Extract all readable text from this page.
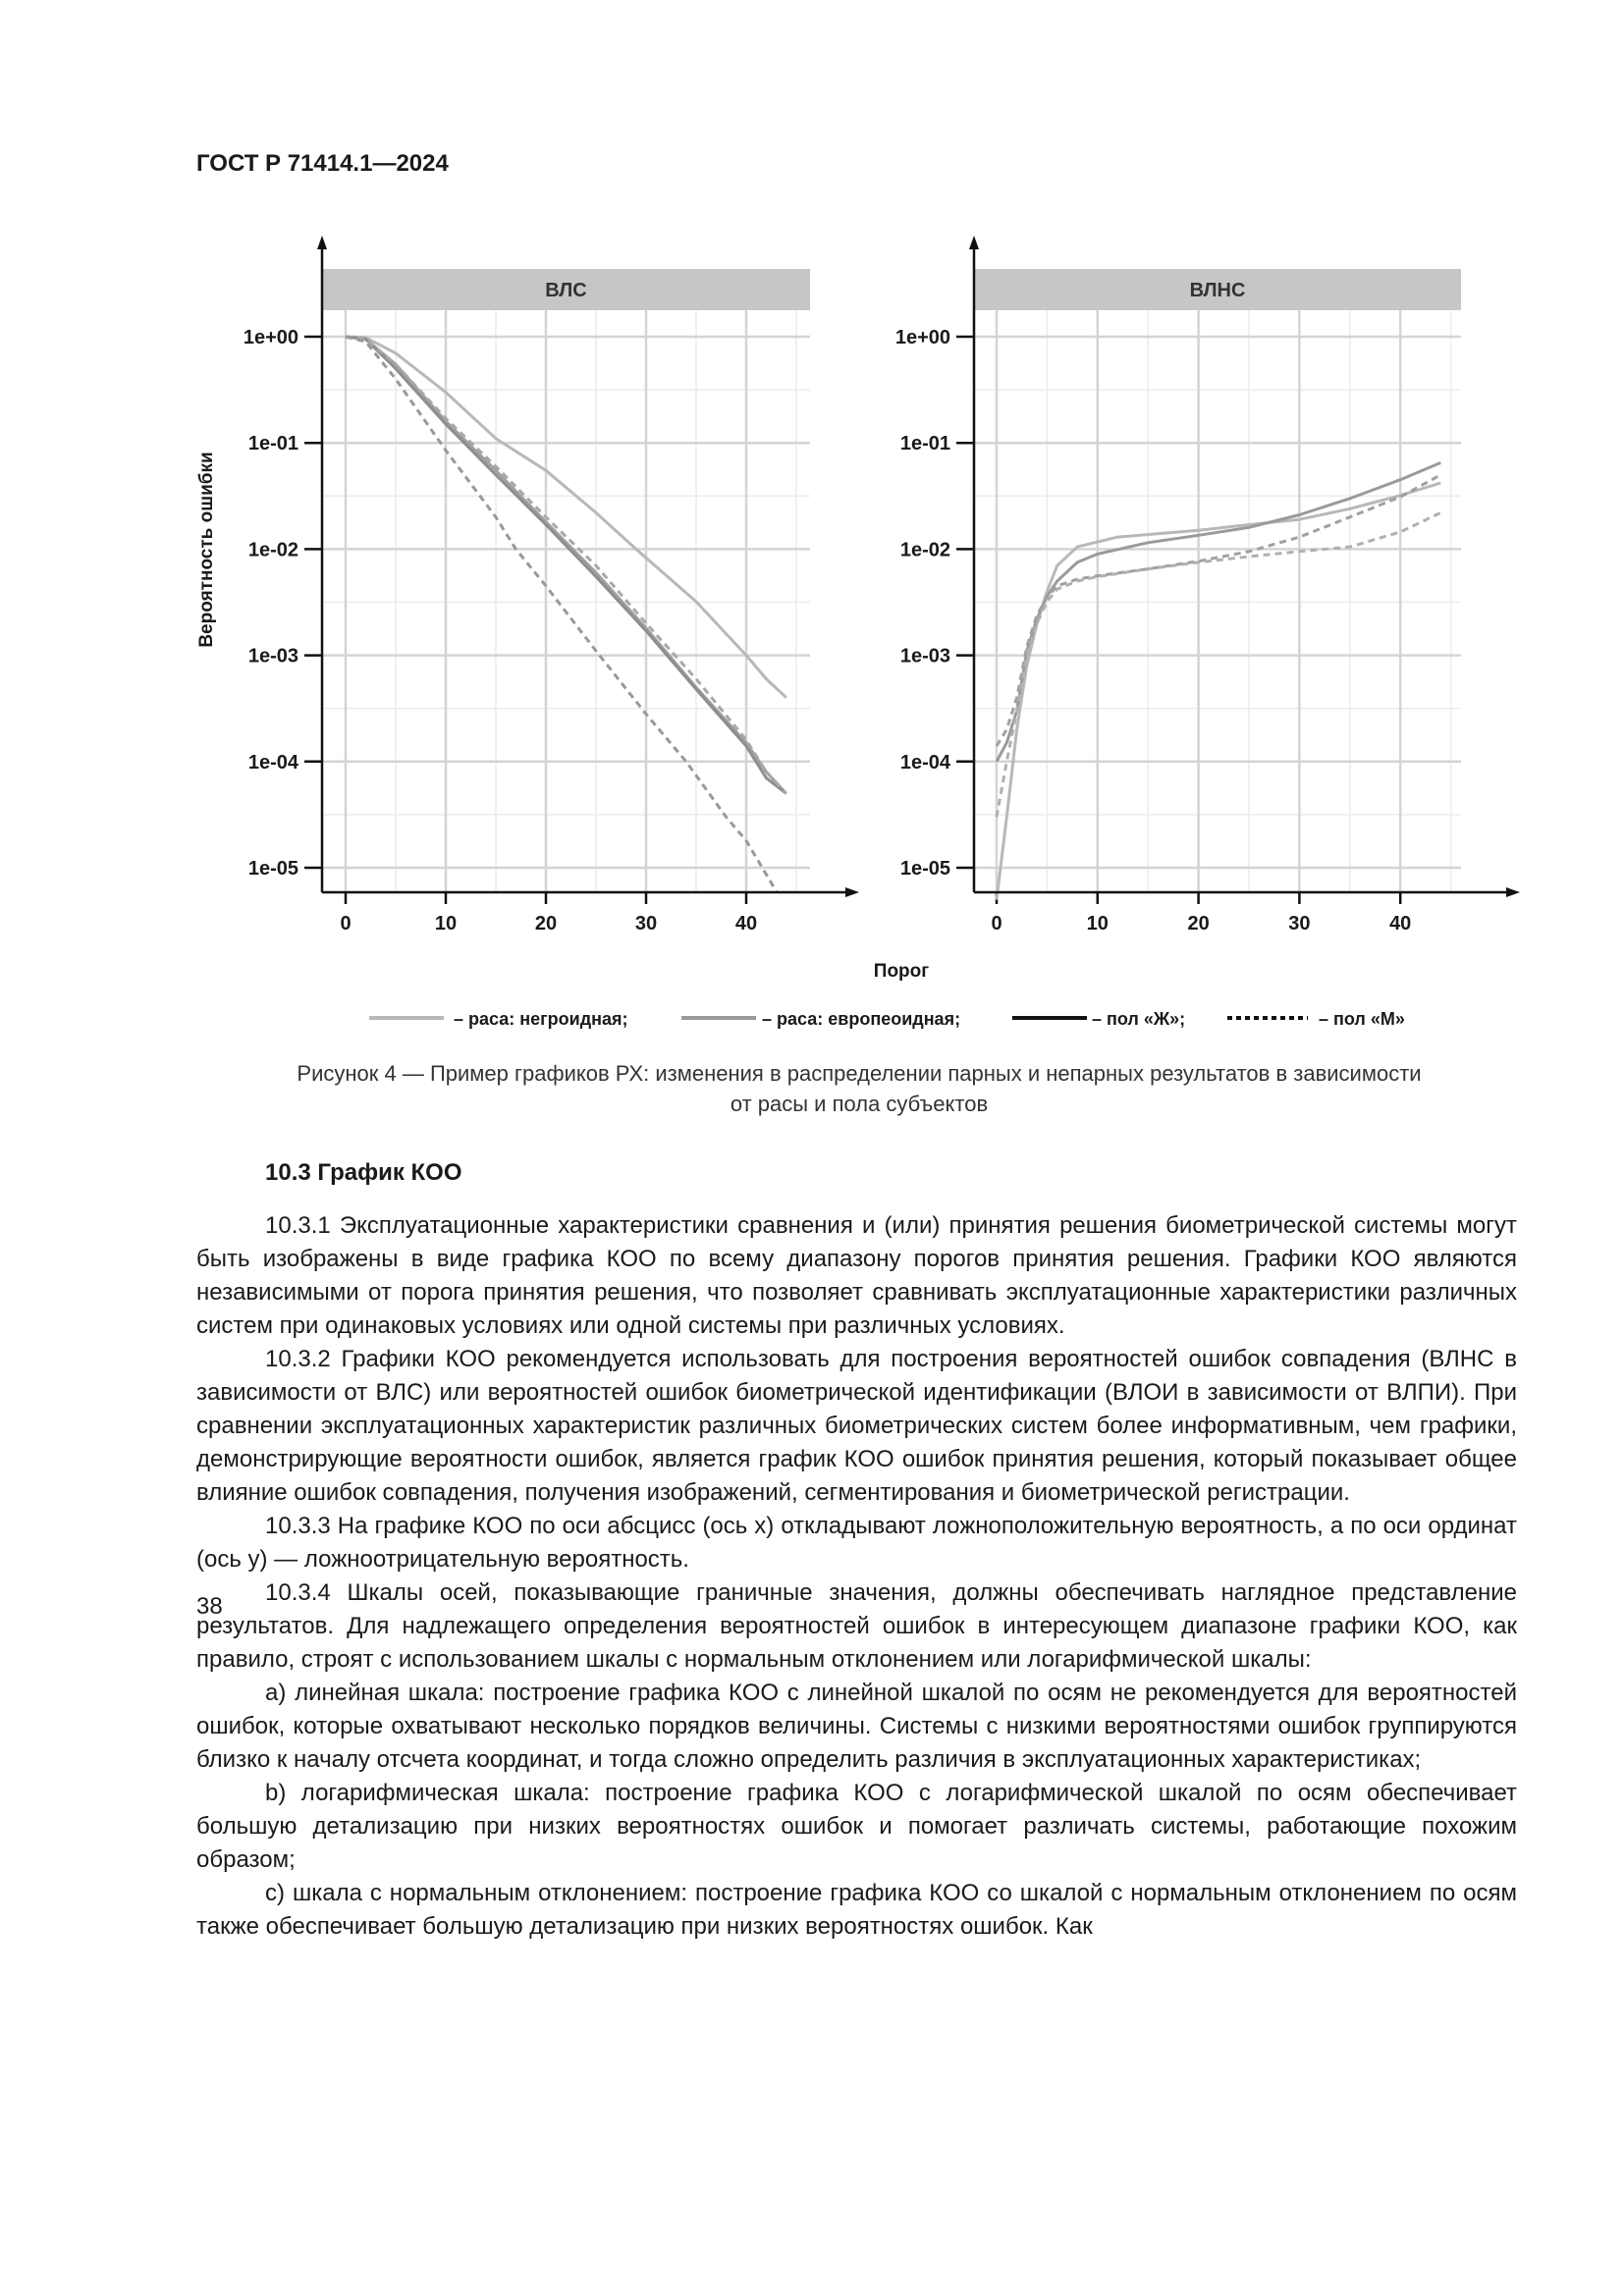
ГОСТ Р 71414.1—2024
ВЛС
1e+00
1e-01
1e-02
1e-03
1e-04
1e-05
0	10	20	30	40
ВЛНС
1e+00
1e-01
1e-02
1e-03
1e-04
1e-05
0	10	20	30	40
Вероятность ошибки
Порог
– раса: негроидная;	– раса: европеоидная;	– пол «Ж»;	– пол «М»
Рисунок 4 — Пример графиков РХ: изменения в распределении парных и непарных результатов в зависимости
от расы и пола субъектов
10.3 График КОО

10.3.1 Эксплуатационные характеристики сравнения и (или) принятия решения биометрической системы могут быть изображены в виде графика КОО по всему диапазону порогов принятия решения. Графики КОО являются независимыми от порога принятия решения, что позволяет сравнивать эксплуатационные характеристики различных систем при одинаковых условиях или одной системы при различных условиях.

10.3.2 Графики КОО рекомендуется использовать для построения вероятностей ошибок совпадения (ВЛНС в зависимости от ВЛС) или вероятностей ошибок биометрической идентификации (ВЛОИ в зависимости от ВЛПИ). При сравнении эксплуатационных характеристик различных биометрических систем более информативным, чем графики, демонстрирующие вероятности ошибок, является график КОО ошибок принятия решения, который показывает общее влияние ошибок совпадения, получения изображений, сегментирования и биометрической регистрации.

10.3.3 На графике КОО по оси абсцисс (ось x) откладывают ложноположительную вероятность, а по оси ординат (ось y) — ложноотрицательную вероятность.

10.3.4 Шкалы осей, показывающие граничные значения, должны обеспечивать наглядное представление результатов. Для надлежащего определения вероятностей ошибок в интересующем диапазоне графики КОО, как правило, строят с использованием шкалы с нормальным отклонением или логарифмической шкалы:

a) линейная шкала: построение графика КОО с линейной шкалой по осям не рекомендуется для вероятностей ошибок, которые охватывают несколько порядков величины. Системы с низкими вероятностями ошибок группируются близко к началу отсчета координат, и тогда сложно определить различия в эксплуатационных характеристиках;

b) логарифмическая шкала: построение графика КОО с логарифмической шкалой по осям обеспечивает большую детализацию при низких вероятностях ошибок и помогает различать системы, работающие похожим образом;

c) шкала с нормальным отклонением: построение графика КОО со шкалой с нормальным отклонением по осям также обеспечивает большую детализацию при низких вероятностях ошибок. Как

38
